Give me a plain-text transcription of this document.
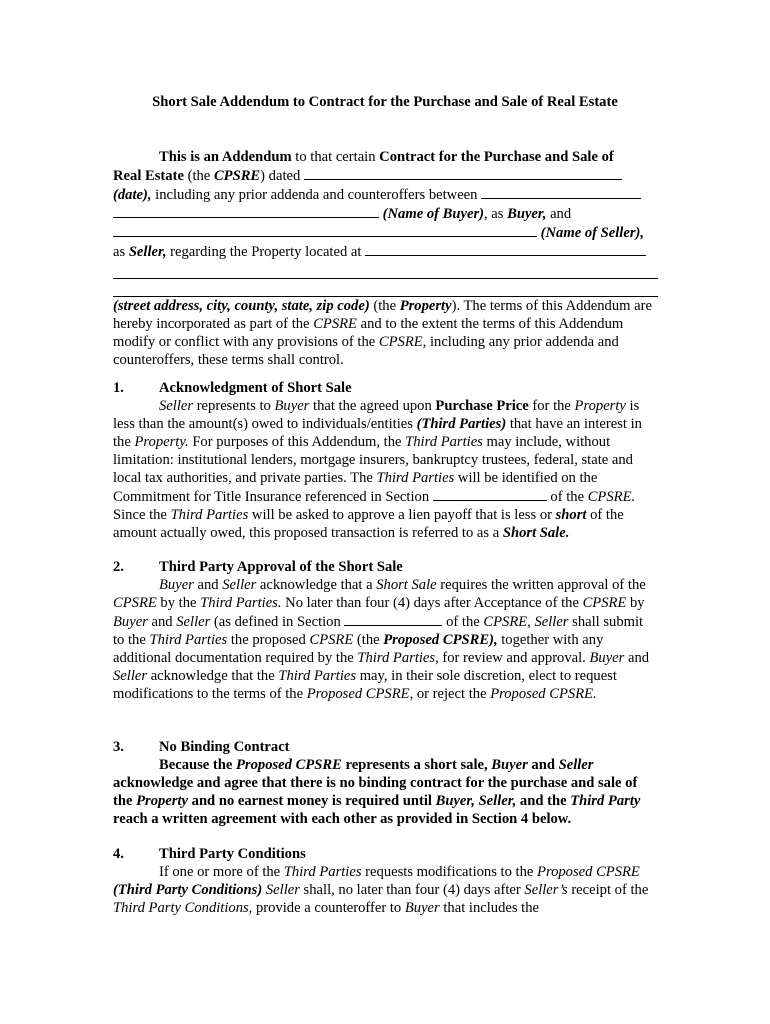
Short Sale Addendum to Contract for the Purchase and Sale of Real Estate
This is an Addendum to that certain Contract for the Purchase and Sale of
Real Estate (the CPSRE) dated
(date), including any prior addenda and counteroffers between
(Name of Buyer), as Buyer, and
(Name of Seller),
as Seller, regarding the Property located at

(street address, city, county, state, zip code) (the Property). The terms of this Addendum are hereby incorporated as part of the CPSRE and to the extent the terms of this Addendum modify or conflict with any provisions of the CPSRE, including any prior addenda and counteroffers, these terms shall control.

1.	Acknowledgment of Short Sale

Seller represents to Buyer that the agreed upon Purchase Price for the Property is less than the amount(s) owed to individuals/entities (Third Parties) that have an interest in the Property. For purposes of this Addendum, the Third Parties may include, without limitation: institutional lenders, mortgage insurers, bankruptcy trustees, federal, state and local tax authorities, and private parties. The Third Parties will be identified on the Commitment for Title Insurance referenced in Section	of the CPSRE. Since the Third Parties will be asked to approve a lien payoff that is less or short of the amount actually owed, this proposed transaction is referred to as a Short Sale.

2.	Third Party Approval of the Short Sale

Buyer and Seller acknowledge that a Short Sale requires the written approval of the CPSRE by the Third Parties. No later than four (4) days after Acceptance of the CPSRE by Buyer and Seller (as defined in Section	of the CPSRE, Seller shall submit to the Third Parties the proposed CPSRE (the Proposed CPSRE), together with any additional documentation required by the Third Parties, for review and approval. Buyer and Seller acknowledge that the Third Parties may, in their sole discretion, elect to request modifications to the terms of the Proposed CPSRE, or reject the Proposed CPSRE.

3.	No Binding Contract

Because the Proposed CPSRE represents a short sale, Buyer and Seller acknowledge and agree that there is no binding contract for the purchase and sale of the Property and no earnest money is required until Buyer, Seller, and the Third Party reach a written agreement with each other as provided in Section 4 below.

4.	Third Party Conditions

If one or more of the Third Parties requests modifications to the Proposed CPSRE (Third Party Conditions) Seller shall, no later than four (4) days after Seller’s receipt of the Third Party Conditions, provide a counteroffer to Buyer that includes the
